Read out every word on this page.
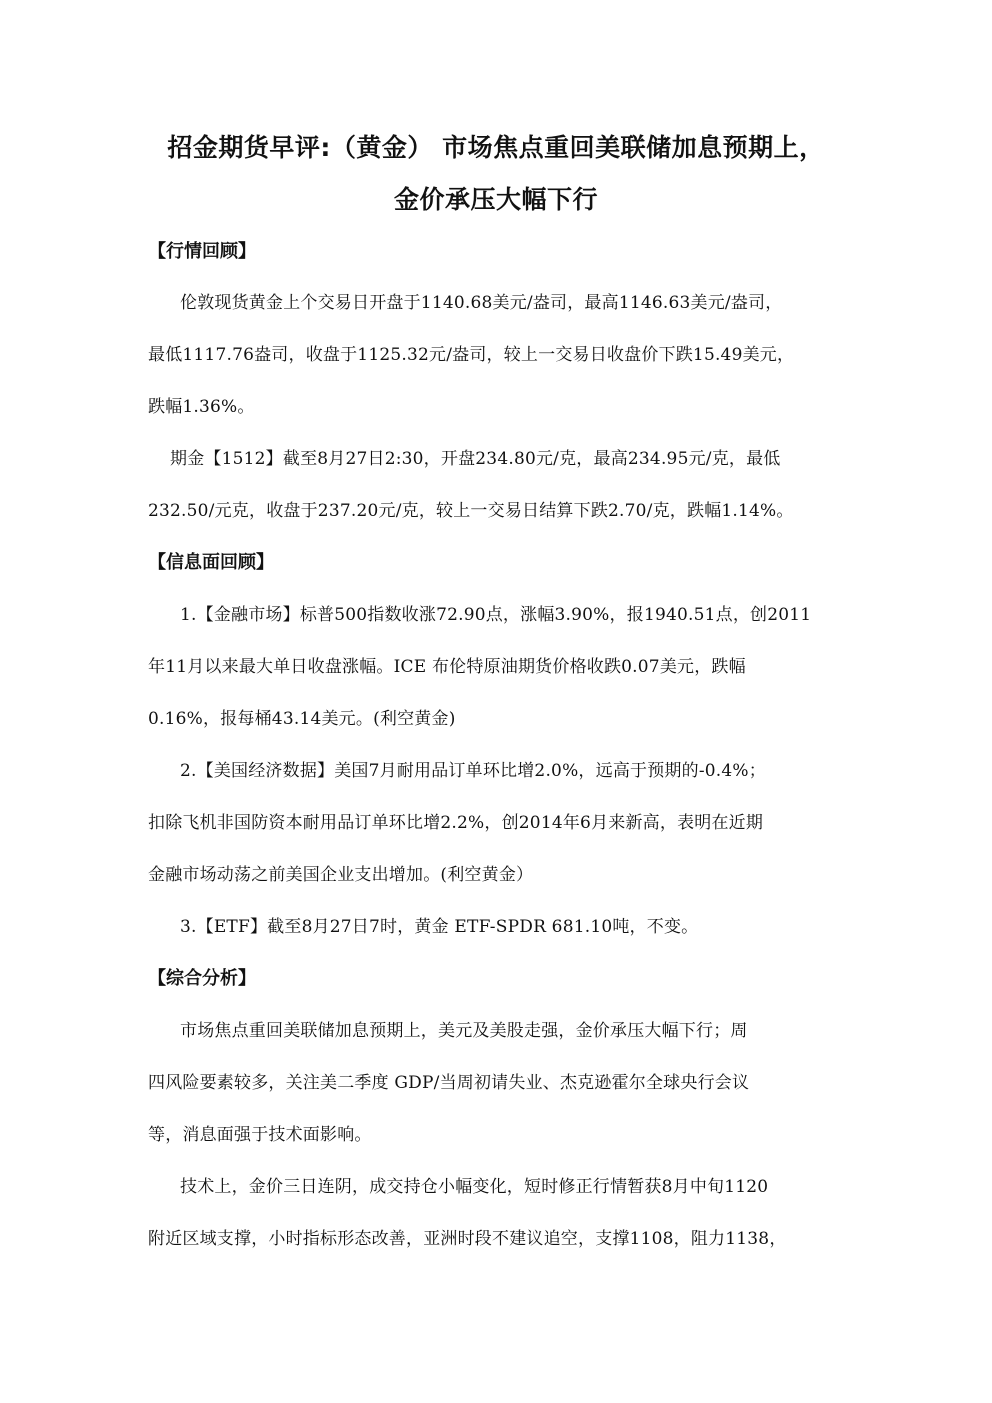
招金期货早评:（黄金） 市场焦点重回美联储加息预期上，
金价承压大幅下行
【行情回顾】
伦敦现货黄金上个交易日开盘于1140.68美元/盎司，最高1146.63美元/盎司，
最低1117.76盎司，收盘于1125.32元/盎司，较上一交易日收盘价下跌15.49美元，
跌幅1.36%。
期金【1512】截至8月27日2:30，开盘234.80元/克，最高234.95元/克，最低
232.50/元克，收盘于237.20元/克，较上一交易日结算下跌2.70/克，跌幅1.14%。
【信息面回顾】
1.【金融市场】标普500指数收涨72.90点，涨幅3.90%，报1940.51点，创2011
年11月以来最大单日收盘涨幅。ICE 布伦特原油期货价格收跌0.07美元，跌幅
0.16%，报每桶43.14美元。(利空黄金)
2.【美国经济数据】美国7月耐用品订单环比增2.0%，远高于预期的-0.4%；
扣除飞机非国防资本耐用品订单环比增2.2%，创2014年6月来新高，表明在近期
金融市场动荡之前美国企业支出增加。(利空黄金）
3.【ETF】截至8月27日7时，黄金 ETF-SPDR 681.10吨，不变。
【综合分析】
市场焦点重回美联储加息预期上，美元及美股走强，金价承压大幅下行；周
四风险要素较多，关注美二季度 GDP/当周初请失业、杰克逊霍尔全球央行会议
等，消息面强于技术面影响。
技术上，金价三日连阴，成交持仓小幅变化，短时修正行情暂获8月中旬1120
附近区域支撑，小时指标形态改善，亚洲时段不建议追空，支撑1108，阻力1138，
